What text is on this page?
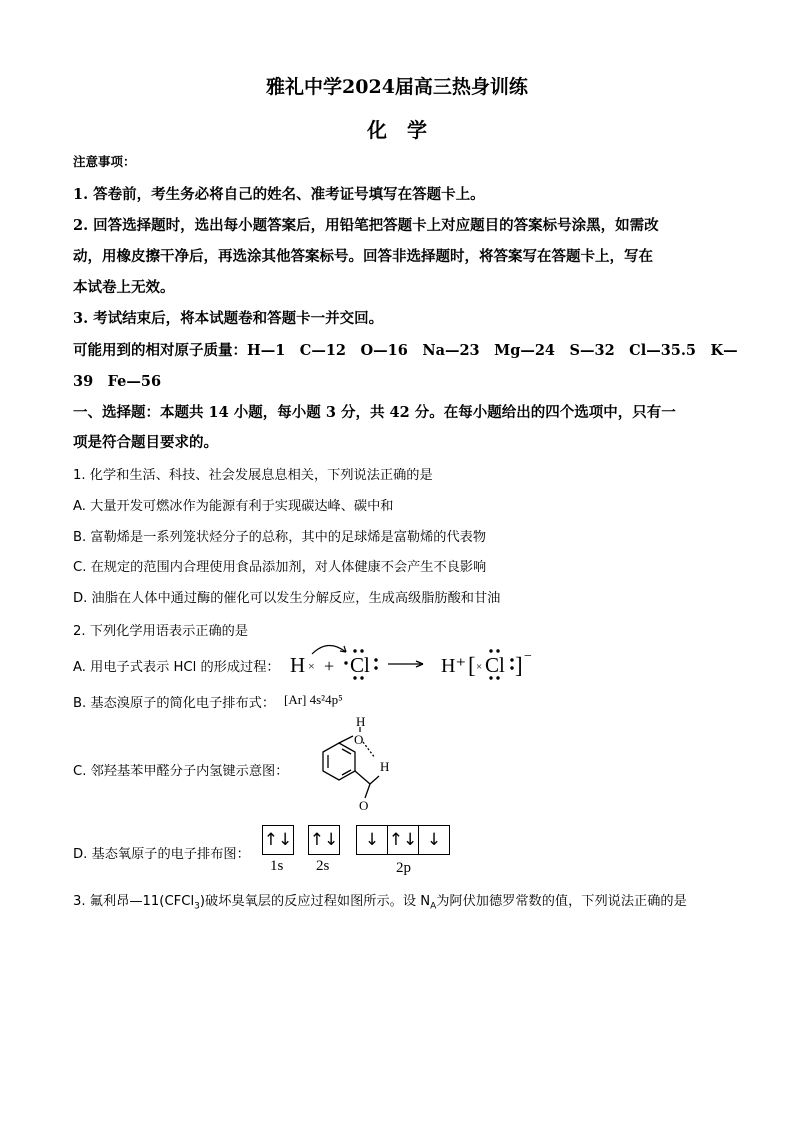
雅礼中学2024届高三热身训练
化　学
注意事项：
1. 答卷前，考生务必将自己的姓名、准考证号填写在答题卡上。
2. 回答选择题时，选出每小题答案后，用铅笔把答题卡上对应题目的答案标号涂黑，如需改
动，用橡皮擦干净后，再选涂其他答案标号。回答非选择题时，将答案写在答题卡上，写在
本试卷上无效。
3. 考试结束后，将本试题卷和答题卡一并交回。
可能用到的相对原子质量：H—1　C—12　O—16　Na—23　Mg—24　S—32　Cl—35.5　K—
39　Fe—56
一、选择题：本题共 14 小题，每小题 3 分，共 42 分。在每小题给出的四个选项中，只有一
项是符合题目要求的。
1. 化学和生活、科技、社会发展息息相关，下列说法正确的是
A. 大量开发可燃冰作为能源有利于实现碳达峰、碳中和
B. 富勒烯是一系列笼状烃分子的总称，其中的足球烯是富勒烯的代表物
C. 在规定的范围内合理使用食品添加剂，对人体健康不会产生不良影响
D. 油脂在人体中通过酶的催化可以发生分解反应，生成高级脂肪酸和甘油
2. 下列化学用语表示正确的是
A. 用电子式表示 HCl 的形成过程： H × + Cl	H⁺ [ × Cl ] −
B. 基态溴原子的简化电子排布式： [Ar] 4s²4p⁵
C. 邻羟基苯甲醛分子内氢键示意图：
H
O
H
O
D. 基态氧原子的电子排布图：
↑↓ ↑↓	↓ ↑↓ ↓
1s 2s	2p
3. 氟利昂—11(CFCl$_3$)破坏臭氧层的反应过程如图所示。设 $N_A$为阿伏加德罗常数的值，下列说法正确的是
